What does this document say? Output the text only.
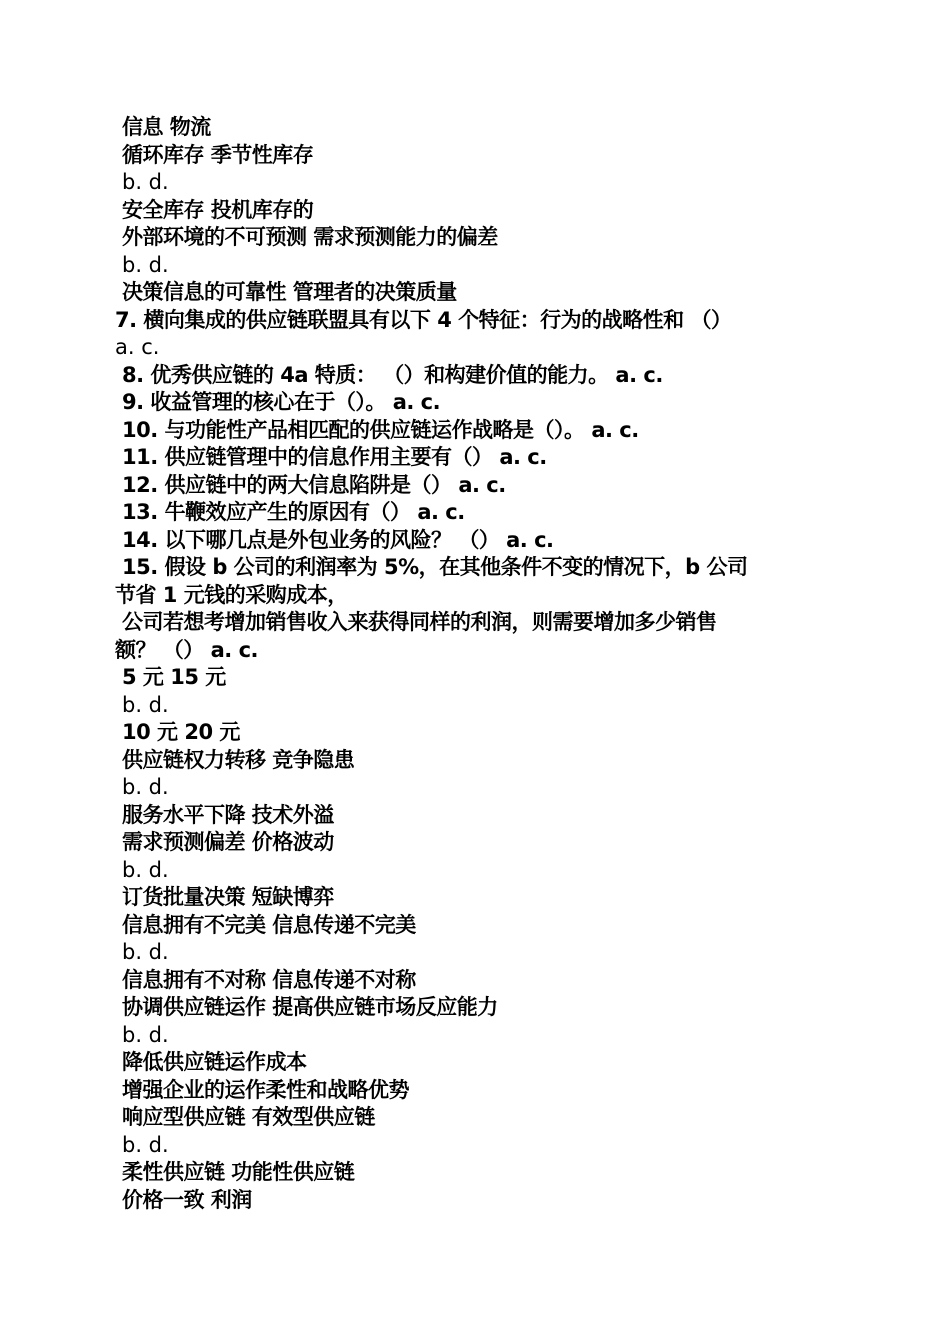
信息 物流
循环库存 季节性库存
b. d.
安全库存 投机库存的
外部环境的不可预测 需求预测能力的偏差
b. d.
决策信息的可靠性 管理者的决策质量
7. 横向集成的供应链联盟具有以下 4 个特征：行为的战略性和 （）
a. c.
8. 优秀供应链的 4a 特质： （）和构建价值的能力。 a. c.
9. 收益管理的核心在于（）。 a. c.
10. 与功能性产品相匹配的供应链运作战略是（）。 a. c.
11. 供应链管理中的信息作用主要有（） a. c.
12. 供应链中的两大信息陷阱是（） a. c.
13. 牛鞭效应产生的原因有（） a. c.
14. 以下哪几点是外包业务的风险？ （） a. c.
15. 假设 b 公司的利润率为 5%，在其他条件不变的情况下，b 公司
节省 1 元钱的采购成本，
公司若想考增加销售收入来获得同样的利润，则需要增加多少销售
额？ （） a. c.
5 元 15 元
b. d.
10 元 20 元
供应链权力转移 竞争隐患
b. d.
服务水平下降 技术外溢
需求预测偏差 价格波动
b. d.
订货批量决策 短缺博弈
信息拥有不完美 信息传递不完美
b. d.
信息拥有不对称 信息传递不对称
协调供应链运作 提高供应链市场反应能力
b. d.
降低供应链运作成本
增强企业的运作柔性和战略优势
响应型供应链 有效型供应链
b. d.
柔性供应链 功能性供应链
价格一致 利润
